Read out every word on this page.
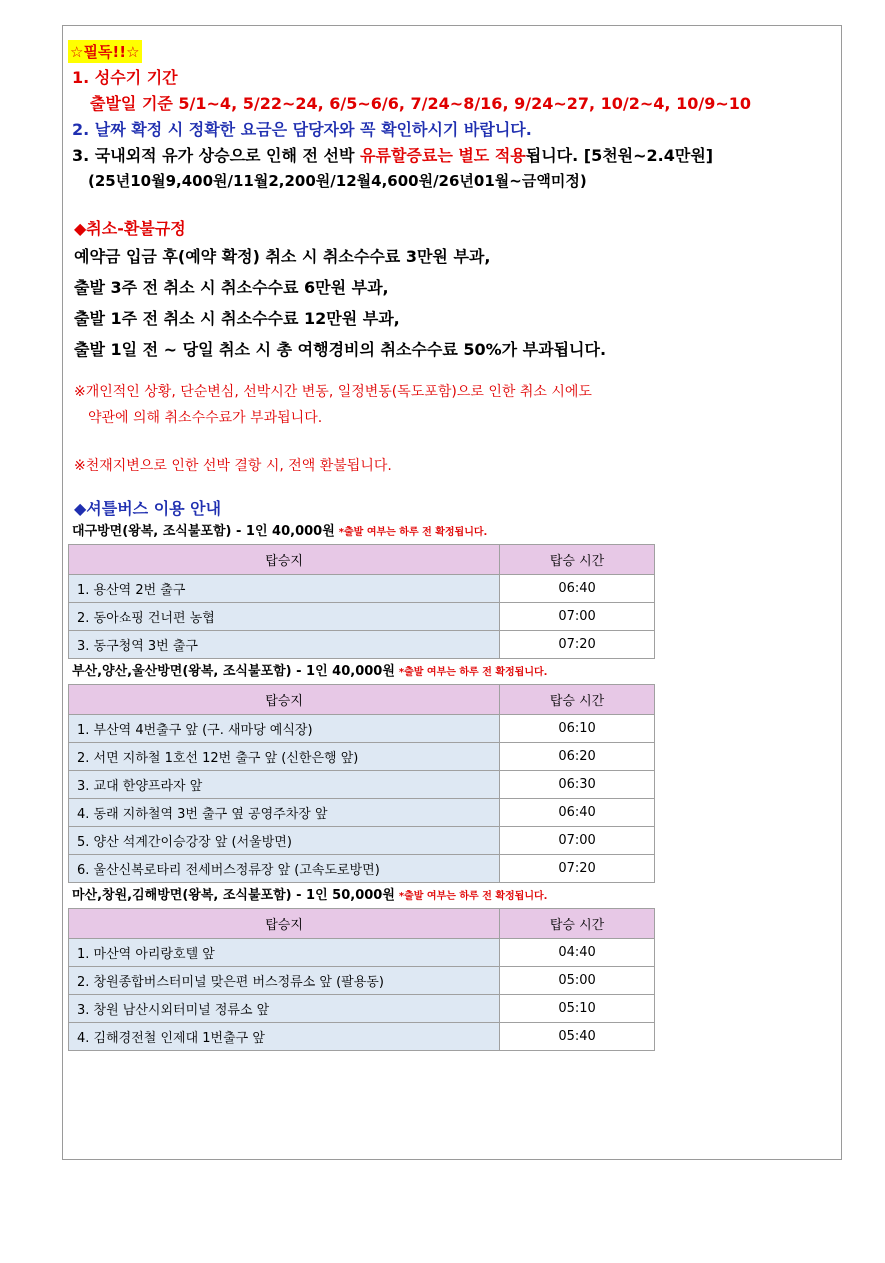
☆필독!!☆
1. 성수기 기간
출발일 기준 5/1~4, 5/22~24, 6/5~6/6, 7/24~8/16, 9/24~27, 10/2~4, 10/9~10
2. 날짜 확정 시 정확한 요금은 담당자와 꼭 확인하시기 바랍니다.
3. 국내외적 유가 상승으로 인해 전 선박 유류할증료는 별도 적용됩니다. [5천원~2.4만원]
(25년10월9,400원/11월2,200원/12월4,600원/26년01월~금액미정)
◆취소-환불규정
예약금 입금 후(예약 확정) 취소 시 취소수수료 3만원 부과,
출발 3주 전 취소 시 취소수수료 6만원 부과,
출발 1주 전 취소 시 취소수수료 12만원 부과,
출발 1일 전 ~ 당일 취소 시 총 여행경비의 취소수수료 50%가 부과됩니다.
※개인적인 상황, 단순변심, 선박시간 변동, 일정변동(독도포함)으로 인한 취소 시에도
약관에 의해 취소수수료가 부과됩니다.
※천재지변으로 인한 선박 결항 시, 전액 환불됩니다.
◆셔틀버스 이용 안내
대구방면(왕복, 조식불포함) - 1인 40,000원 *출발 여부는 하루 전 확정됩니다.
탑승지	탑승 시간
1. 용산역 2번 출구	06:40
2. 동아쇼핑 건너편 농협	07:00
3. 동구청역 3번 출구	07:20
부산,양산,울산방면(왕복, 조식불포함) - 1인 40,000원 *출발 여부는 하루 전 확정됩니다.
탑승지	탑승 시간
1. 부산역 4번출구 앞 (구. 새마당 예식장)	06:10
2. 서면 지하철 1호선 12번 출구 앞 (신한은행 앞)	06:20
3. 교대 한양프라자 앞	06:30
4. 동래 지하철역 3번 출구 옆 공영주차장 앞	06:40
5. 양산 석계간이승강장 앞 (서울방면)	07:00
6. 울산신복로타리 전세버스정류장 앞 (고속도로방면)	07:20
마산,창원,김해방면(왕복, 조식불포함) - 1인 50,000원 *출발 여부는 하루 전 확정됩니다.
탑승지	탑승 시간
1. 마산역 아리랑호텔 앞	04:40
2. 창원종합버스터미널 맞은편 버스정류소 앞 (팔용동)	05:00
3. 창원 남산시외터미널 정류소 앞	05:10
4. 김해경전철 인제대 1번출구 앞	05:40
